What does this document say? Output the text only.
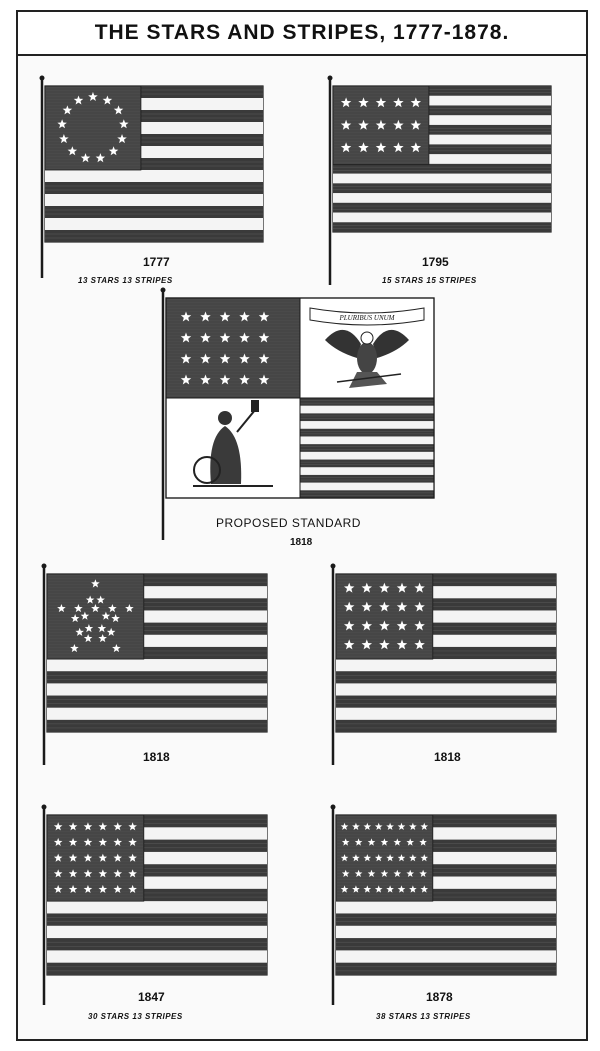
THE STARS AND STRIPES, 1777-1878.
PLURIBUS UNUM
1777
13 STARS 13 STRIPES
1795
15 STARS 15 STRIPES
PROPOSED STANDARD
1818
1818	1818
1847
30 STARS 13 STRIPES
1878
38 STARS 13 STRIPES
